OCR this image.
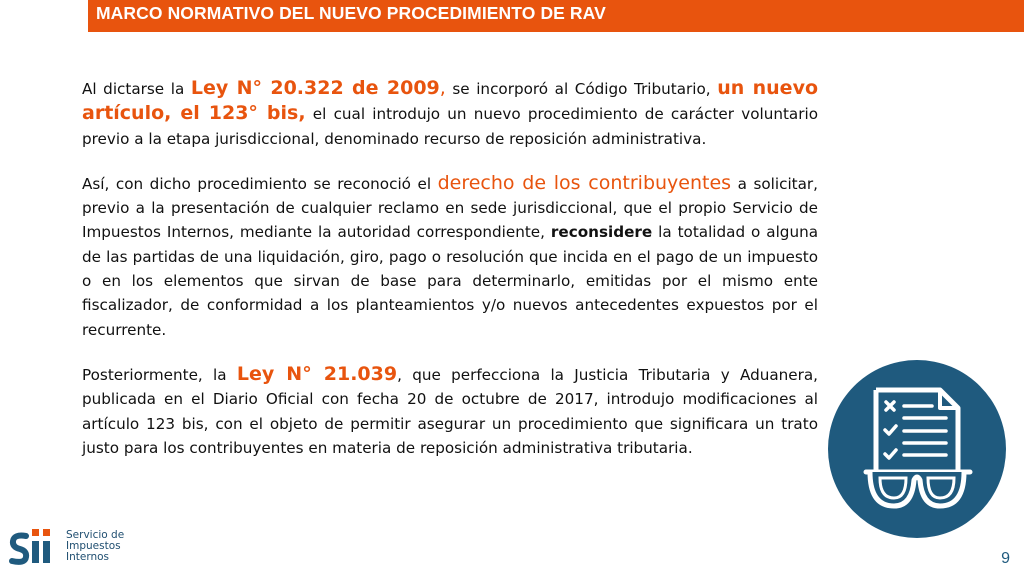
MARCO NORMATIVO DEL NUEVO PROCEDIMIENTO DE RAV

Al dictarse la Ley N° 20.322 de 2009, se incorporó al Código Tributario, un nuevo artículo, el 123° bis, el cual introdujo un nuevo procedimiento de carácter voluntario previo a la etapa jurisdiccional, denominado recurso de reposición administrativa.

Así, con dicho procedimiento se reconoció el derecho de los contribuyentes a solicitar, previo a la presentación de cualquier reclamo en sede jurisdiccional, que el propio Servicio de Impuestos Internos, mediante la autoridad correspondiente, reconsidere la totalidad o alguna de las partidas de una liquidación, giro, pago o resolución que incida en el pago de un impuesto o en los elementos que sirvan de base para determinarlo, emitidas por el mismo ente fiscalizador, de conformidad a los planteamientos y/o nuevos antecedentes expuestos por el recurrente.

Posteriormente, la Ley N° 21.039, que perfecciona la Justicia Tributaria y Aduanera, publicada en el Diario Oficial con fecha 20 de octubre de 2017, introdujo modificaciones al artículo 123 bis, con el objeto de permitir asegurar un procedimiento que significara un trato justo para los contribuyentes en materia de reposición administrativa tributaria.

Servicio de
Impuestos
Internos	9
